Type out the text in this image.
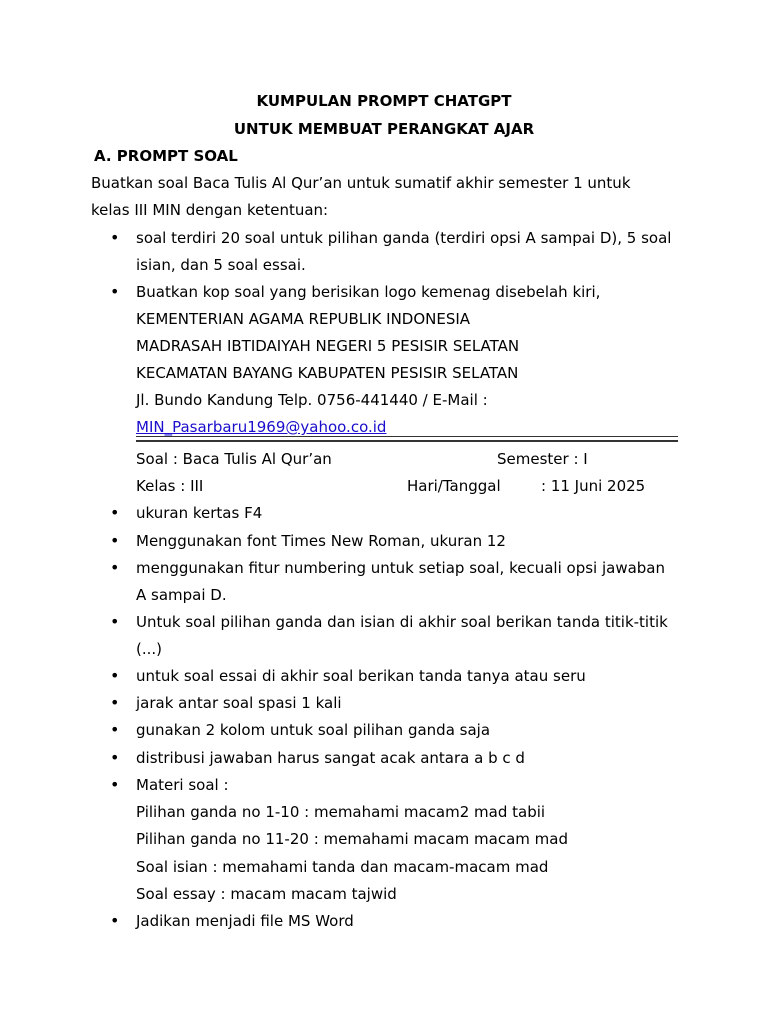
KUMPULAN PROMPT CHATGPT
UNTUK MEMBUAT PERANGKAT AJAR
A. PROMPT SOAL
Buatkan soal Baca Tulis Al Qur’an untuk sumatif akhir semester 1 untuk
kelas III MIN dengan ketentuan:
• soal terdiri 20 soal untuk pilihan ganda (terdiri opsi A sampai D), 5 soal
isian, dan 5 soal essai.
• Buatkan kop soal yang berisikan logo kemenag disebelah kiri,
KEMENTERIAN AGAMA REPUBLIK INDONESIA
MADRASAH IBTIDAIYAH NEGERI 5 PESISIR SELATAN
KECAMATAN BAYANG KABUPATEN PESISIR SELATAN
Jl. Bundo Kandung Telp. 0756-441440 / E-Mail :
MIN_Pasarbaru1969@yahoo.co.id
Soal : Baca Tulis Al Qur’an	Semester : I
Kelas : III	Hari/Tanggal	: 11 Juni 2025
• ukuran kertas F4
• Menggunakan font Times New Roman, ukuran 12
• menggunakan fitur numbering untuk setiap soal, kecuali opsi jawaban
A sampai D.
• Untuk soal pilihan ganda dan isian di akhir soal berikan tanda titik-titik
(...)
• untuk soal essai di akhir soal berikan tanda tanya atau seru
• jarak antar soal spasi 1 kali
• gunakan 2 kolom untuk soal pilihan ganda saja
• distribusi jawaban harus sangat acak antara a b c d
• Materi soal :
Pilihan ganda no 1-10 : memahami macam2 mad tabii
Pilihan ganda no 11-20 : memahami macam macam mad
Soal isian : memahami tanda dan macam-macam mad
Soal essay : macam macam tajwid
• Jadikan menjadi file MS Word
